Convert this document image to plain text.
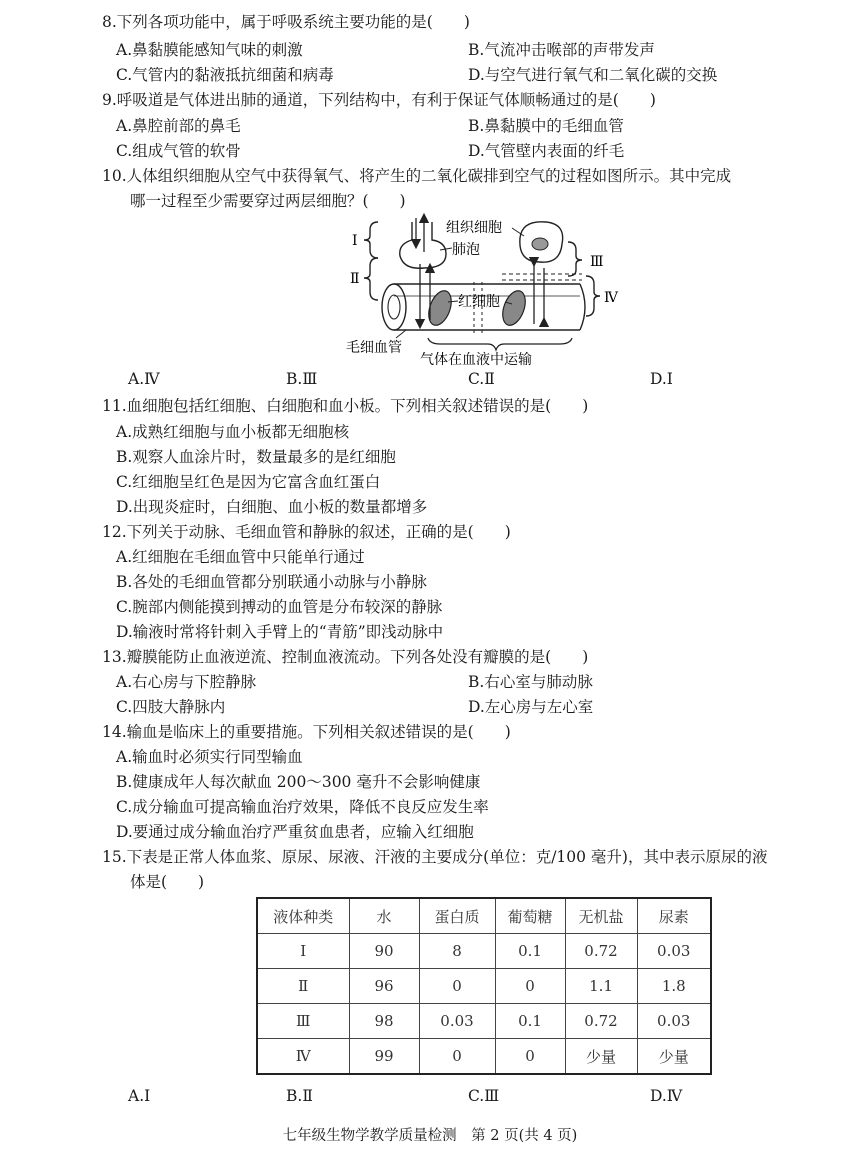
8.下列各项功能中，属于呼吸系统主要功能的是(　　)
A.鼻黏膜能感知气味的刺激	B.气流冲击喉部的声带发声
C.气管内的黏液抵抗细菌和病毒	D.与空气进行氧气和二氧化碳的交换
9.呼吸道是气体进出肺的通道，下列结构中，有利于保证气体顺畅通过的是(　　)
A.鼻腔前部的鼻毛	B.鼻黏膜中的毛细血管
C.组成气管的软骨	D.气管壁内表面的纤毛
10.人体组织细胞从空气中获得氧气、将产生的二氧化碳排到空气的过程如图所示。其中完成
哪一过程至少需要穿过两层细胞？(　　)
Ⅰ
Ⅱ
Ⅲ
Ⅳ
组织细胞
肺泡
红细胞
毛细血管
气体在血液中运输
A.Ⅳ	B.Ⅲ	C.Ⅱ	D.Ⅰ
11.血细胞包括红细胞、白细胞和血小板。下列相关叙述错误的是(　　)
A.成熟红细胞与血小板都无细胞核
B.观察人血涂片时，数量最多的是红细胞
C.红细胞呈红色是因为它富含血红蛋白
D.出现炎症时，白细胞、血小板的数量都增多
12.下列关于动脉、毛细血管和静脉的叙述，正确的是(　　)
A.红细胞在毛细血管中只能单行通过
B.各处的毛细血管都分别联通小动脉与小静脉
C.腕部内侧能摸到搏动的血管是分布较深的静脉
D.输液时常将针刺入手臂上的“青筋”即浅动脉中
13.瓣膜能防止血液逆流、控制血液流动。下列各处没有瓣膜的是(　　)
A.右心房与下腔静脉	B.右心室与肺动脉
C.四肢大静脉内	D.左心房与左心室
14.输血是临床上的重要措施。下列相关叙述错误的是(　　)
A.输血时必须实行同型输血
B.健康成年人每次献血 200～300 毫升不会影响健康
C.成分输血可提高输血治疗效果，降低不良反应发生率
D.要通过成分输血治疗严重贫血患者，应输入红细胞
15.下表是正常人体血浆、原尿、尿液、汗液的主要成分(单位：克/100 毫升)，其中表示原尿的液
体是(　　)
液体种类	水	蛋白质	葡萄糖	无机盐	尿素
Ⅰ	90	8	0.1	0.72	0.03
Ⅱ	96	0	0	1.1	1.8
Ⅲ	98	0.03	0.1	0.72	0.03
Ⅳ	99	0	0	少量	少量
A.Ⅰ	B.Ⅱ	C.Ⅲ	D.Ⅳ
七年级生物学教学质量检测　第 2 页(共 4 页)
